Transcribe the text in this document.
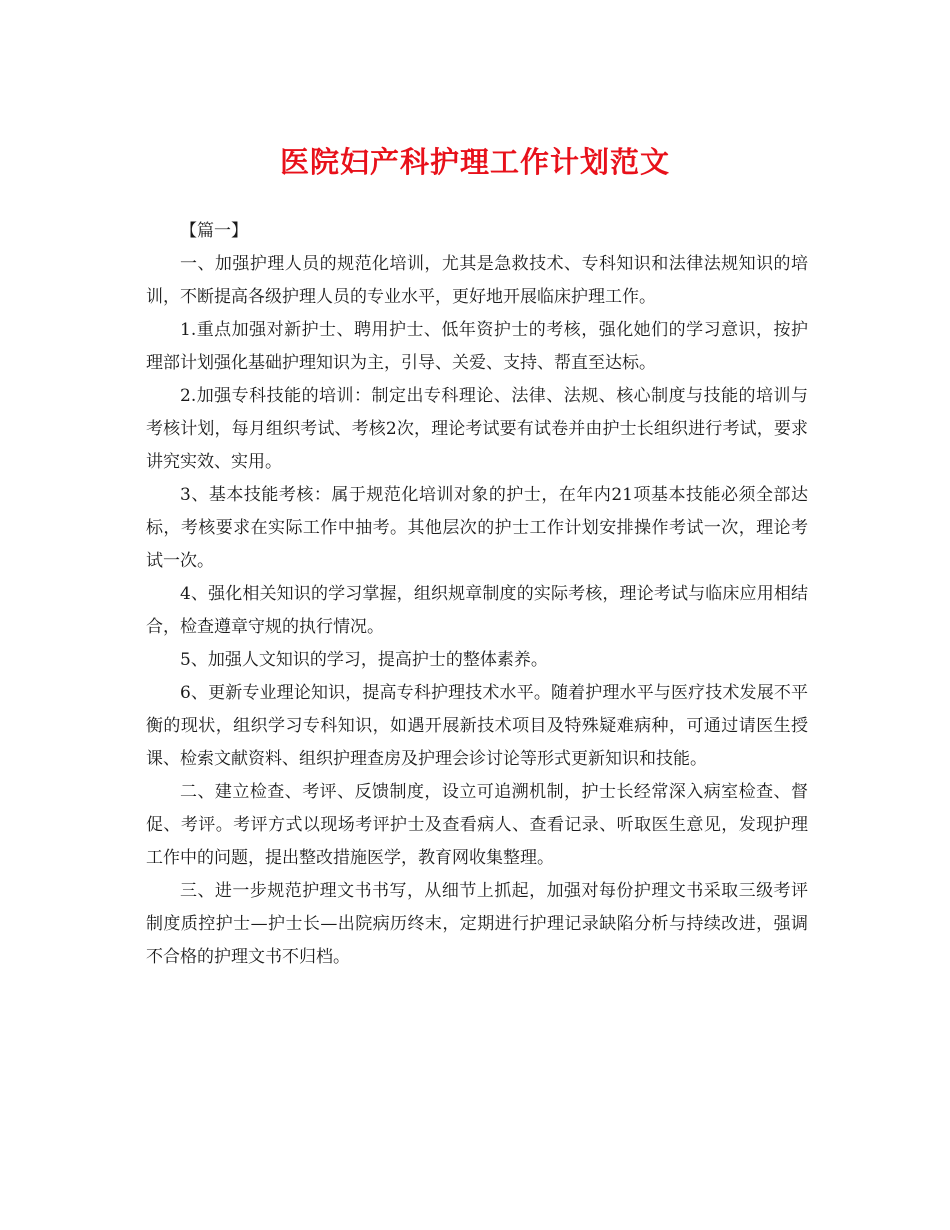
医院妇产科护理工作计划范文

【篇一】

一、加强护理人员的规范化培训，尤其是急救技术、专科知识和法律法规知识的培训，不断提高各级护理人员的专业水平，更好地开展临床护理工作。

1.重点加强对新护士、聘用护士、低年资护士的考核，强化她们的学习意识，按护理部计划强化基础护理知识为主，引导、关爱、支持、帮直至达标。

2.加强专科技能的培训：制定出专科理论、法律、法规、核心制度与技能的培训与考核计划，每月组织考试、考核2次，理论考试要有试卷并由护士长组织进行考试，要求讲究实效、实用。

3、基本技能考核：属于规范化培训对象的护士，在年内21项基本技能必须全部达标，考核要求在实际工作中抽考。其他层次的护士工作计划安排操作考试一次，理论考试一次。

4、强化相关知识的学习掌握，组织规章制度的实际考核，理论考试与临床应用相结合，检查遵章守规的执行情况。

5、加强人文知识的学习，提高护士的整体素养。

6、更新专业理论知识，提高专科护理技术水平。随着护理水平与医疗技术发展不平衡的现状，组织学习专科知识，如遇开展新技术项目及特殊疑难病种，可通过请医生授课、检索文献资料、组织护理查房及护理会诊讨论等形式更新知识和技能。

二、建立检查、考评、反馈制度，设立可追溯机制，护士长经常深入病室检查、督促、考评。考评方式以现场考评护士及查看病人、查看记录、听取医生意见，发现护理工作中的问题，提出整改措施医学，教育网收集整理。

三、进一步规范护理文书书写，从细节上抓起，加强对每份护理文书采取三级考评制度质控护士—护士长—出院病历终末，定期进行护理记录缺陷分析与持续改进，强调不合格的护理文书不归档。
